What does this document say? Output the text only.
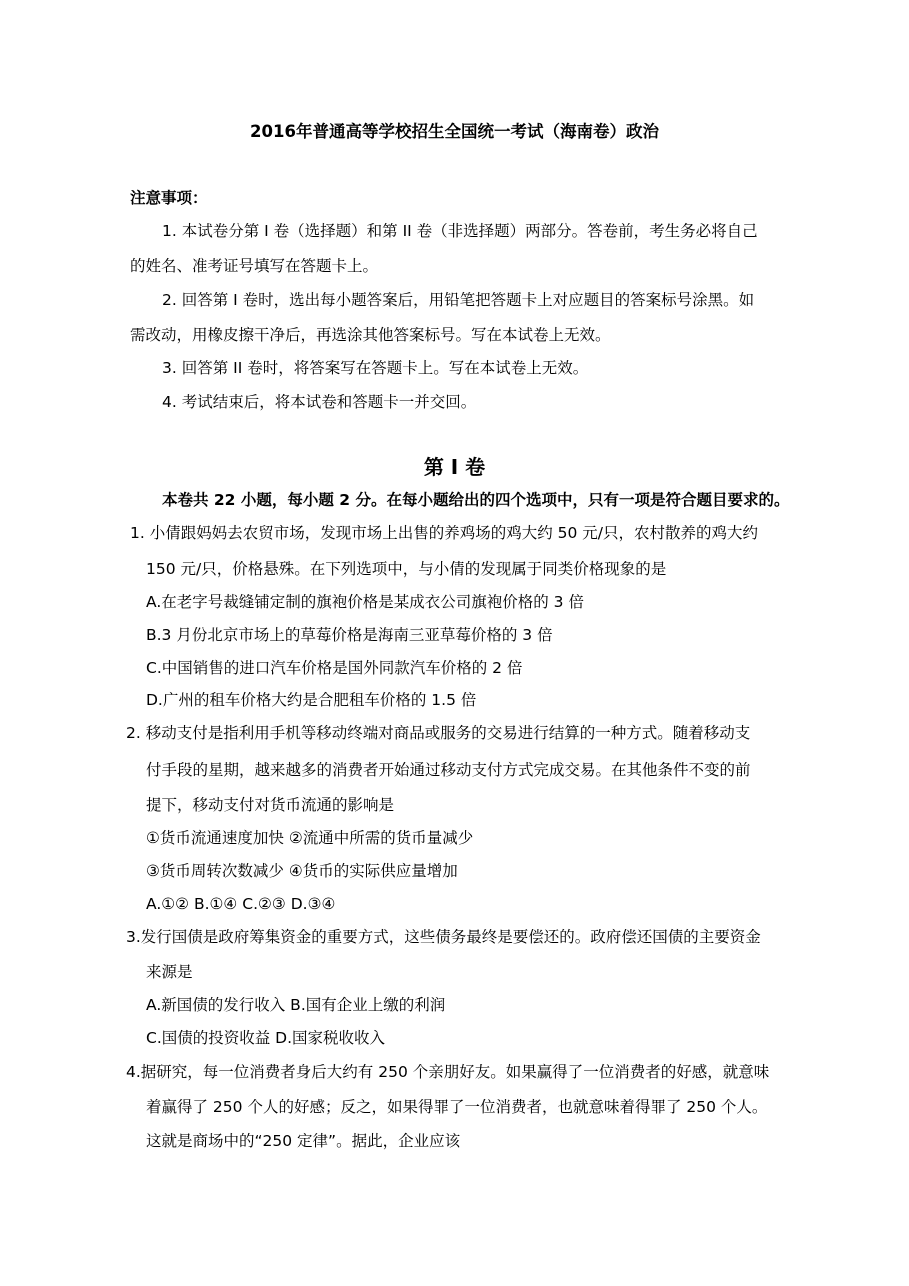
2016年普通高等学校招生全国统一考试（海南卷）政治
注意事项：
1. 本试卷分第 I 卷（选择题）和第 II 卷（非选择题）两部分。答卷前，考生务必将自己
的姓名、准考证号填写在答题卡上。
2. 回答第 I 卷时，选出每小题答案后，用铅笔把答题卡上对应题目的答案标号涂黑。如
需改动，用橡皮擦干净后，再选涂其他答案标号。写在本试卷上无效。
3. 回答第 II 卷时，将答案写在答题卡上。写在本试卷上无效。
4. 考试结束后，将本试卷和答题卡一并交回。
第 I 卷
本卷共 22 小题，每小题 2 分。在每小题给出的四个选项中，只有一项是符合题目要求的。
1. 小倩跟妈妈去农贸市场，发现市场上出售的养鸡场的鸡大约 50 元/只，农村散养的鸡大约
150 元/只，价格悬殊。在下列选项中，与小倩的发现属于同类价格现象的是
A.在老字号裁缝铺定制的旗袍价格是某成衣公司旗袍价格的 3 倍
B.3 月份北京市场上的草莓价格是海南三亚草莓价格的 3 倍
C.中国销售的进口汽车价格是国外同款汽车价格的 2 倍
D.广州的租车价格大约是合肥租车价格的 1.5 倍
2. 移动支付是指利用手机等移动终端对商品或服务的交易进行结算的一种方式。随着移动支
付手段的星期，越来越多的消费者开始通过移动支付方式完成交易。在其他条件不变的前
提下，移动支付对货币流通的影响是
①货币流通速度加快 ②流通中所需的货币量减少
③货币周转次数减少 ④货币的实际供应量增加
A.①② B.①④ C.②③ D.③④
3.发行国债是政府筹集资金的重要方式，这些债务最终是要偿还的。政府偿还国债的主要资金
来源是
A.新国债的发行收入 B.国有企业上缴的利润
C.国债的投资收益 D.国家税收收入
4.据研究，每一位消费者身后大约有 250 个亲朋好友。如果赢得了一位消费者的好感，就意味
着赢得了 250 个人的好感；反之，如果得罪了一位消费者，也就意味着得罪了 250 个人。
这就是商场中的“250 定律”。据此，企业应该
